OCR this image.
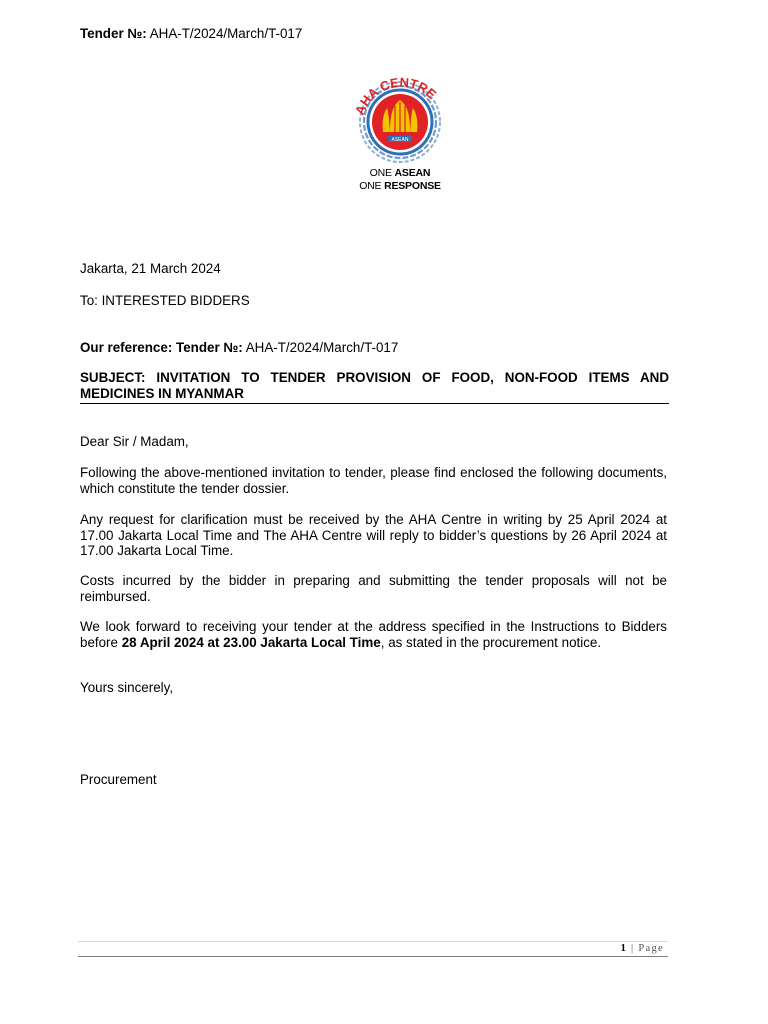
Tender №: AHA-T/2024/March/T-017
ASEAN
AHA CENTRE
ONE ASEAN
ONE RESPONSE
Jakarta, 21 March 2024
To: INTERESTED BIDDERS
Our reference: Tender №: AHA-T/2024/March/T-017
SUBJECT: INVITATION TO TENDER PROVISION OF FOOD, NON-FOOD ITEMS AND MEDICINES IN MYANMAR
Dear Sir / Madam,
Following the above-mentioned invitation to tender, please find enclosed the following documents, which constitute the tender dossier.
Any request for clarification must be received by the AHA Centre in writing by 25 April 2024 at 17.00 Jakarta Local Time and The AHA Centre will reply to bidder’s questions by 26 April 2024 at 17.00 Jakarta Local Time.
Costs incurred by the bidder in preparing and submitting the tender proposals will not be reimbursed.
We look forward to receiving your tender at the address specified in the Instructions to Bidders before 28 April 2024 at 23.00 Jakarta Local Time, as stated in the procurement notice.
Yours sincerely,
Procurement
1 | Page
